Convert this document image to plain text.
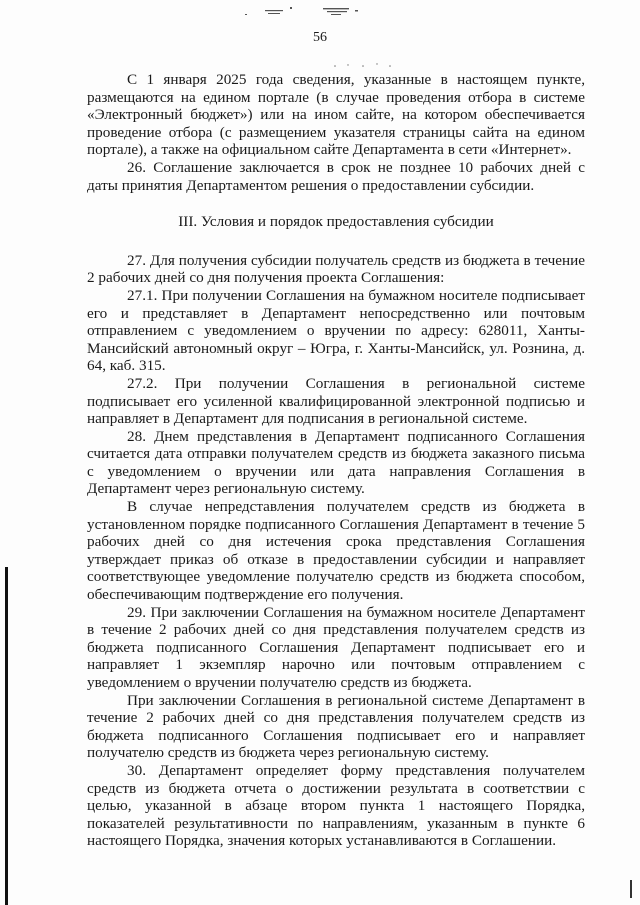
56

С 1 января 2025 года сведения, указанные в настоящем пункте, размещаются на едином портале (в случае проведения отбора в системе «Электронный бюджет») или на ином сайте, на котором обеспечивается проведение отбора (с размещением указателя страницы сайта на едином портале), а также на официальном сайте Департамента в сети «Интернет».

26. Соглашение заключается в срок не позднее 10 рабочих дней с даты принятия Департаментом решения о предоставлении субсидии.

III. Условия и порядок предоставления субсидии

27. Для получения субсидии получатель средств из бюджета в течение 2 рабочих дней со дня получения проекта Соглашения:

27.1. При получении Соглашения на бумажном носителе подписывает его и представляет в Департамент непосредственно или почтовым отправлением с уведомлением о вручении по адресу: 628011, Ханты-Мансийский автономный округ – Югра, г. Ханты-Мансийск, ул. Рознина, д. 64, каб. 315.

27.2. При получении Соглашения в региональной системе подписывает его усиленной квалифицированной электронной подписью и направляет в Департамент для подписания в региональной системе.

28. Днем представления в Департамент подписанного Соглашения считается дата отправки получателем средств из бюджета заказного письма с уведомлением о вручении или дата направления Соглашения в Департамент через региональную систему.

В случае непредставления получателем средств из бюджета в установленном порядке подписанного Соглашения Департамент в течение 5 рабочих дней со дня истечения срока представления Соглашения утверждает приказ об отказе в предоставлении субсидии и направляет соответствующее уведомление получателю средств из бюджета способом, обеспечивающим подтверждение его получения.

29. При заключении Соглашения на бумажном носителе Департамент в течение 2 рабочих дней со дня представления получателем средств из бюджета подписанного Соглашения Департамент подписывает его и направляет 1 экземпляр нарочно или почтовым отправлением с уведомлением о вручении получателю средств из бюджета.

При заключении Соглашения в региональной системе Департамент в течение 2 рабочих дней со дня представления получателем средств из бюджета подписанного Соглашения подписывает его и направляет получателю средств из бюджета через региональную систему.

30. Департамент определяет форму представления получателем средств из бюджета отчета о достижении результата в соответствии с целью, указанной в абзаце втором пункта 1 настоящего Порядка, показателей результативности по направлениям, указанным в пункте 6 настоящего Порядка, значения которых устанавливаются в Соглашении.
